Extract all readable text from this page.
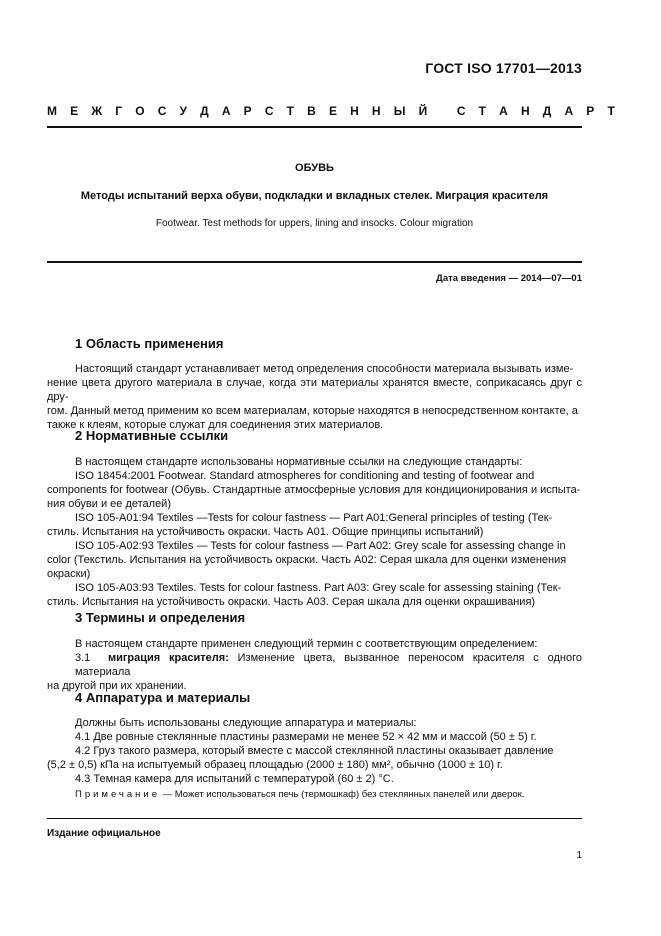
ГОСТ ISO 17701—2013
М Е Ж Г О С У Д А Р С Т В Е Н Н Ы Й
С Т А Н Д А Р Т
ОБУВЬ
Методы испытаний верха обуви, подкладки и вкладных стелек. Миграция красителя
Footwear. Test methods for uppers, lining and insocks. Colour migration
Дата введения — 2014—07—01
1 Область применения
Настоящий стандарт устанавливает метод определения способности материала вызывать изме-
нение цвета другого материала в случае, когда эти материалы хранятся вместе, соприкасаясь друг с дру-
гом. Данный метод применим ко всем материалам, которые находятся в непосредственном контакте, а
также к клеям, которые служат для соединения этих материалов.
2 Нормативные ссылки
В настоящем стандарте использованы нормативные ссылки на следующие стандарты:
ISO 18454:2001 Footwear. Standard atmospheres for conditioning and testing of footwear and
components for footwear (Обувь. Стандартные атмосферные условия для кондиционирования и испыта-
ния обуви и ее деталей)
ISO 105-A01:94 Textiles —Tests for colour fastness — Part A01:General principles of testing (Тек-
стиль. Испытания на устойчивость окраски. Часть А01. Общие принципы испытаний)
ISO 105-A02:93 Textiles — Tests for colour fastness — Part A02: Grey scale for assessing change in
color (Текстиль. Испытания на устойчивость окраски. Часть А02: Серая шкала для оценки изменения
окраски)
ISO 105-A03:93 Textiles. Tests for colour fastness. Part A03: Grey scale for assessing staining (Тек-
стиль. Испытания на устойчивость окраски. Часть А03. Серая шкала для оценки окрашивания)
3 Термины и определения
В настоящем стандарте применен следующий термин с соответствующим определением:
3.1 миграция красителя: Изменение цвета, вызванное переносом красителя с одного материала
на другой при их хранении.
4 Аппаратура и материалы
Должны быть использованы следующие аппаратура и материалы:
4.1 Две ровные стеклянные пластины размерами не менее 52 × 42 мм и массой (50 ± 5) г.
4.2 Груз такого размера, который вместе с массой стеклянной пластины оказывает давление
(5,2 ± 0,5) кПа на испытуемый образец площадью (2000 ± 180) мм², обычно (1000 ± 10) г.
4.3 Темная камера для испытаний с температурой (60 ± 2) °С.
Примечание — Может использоваться печь (термошкаф) без стеклянных панелей или дверок.
Издание официальное
1
